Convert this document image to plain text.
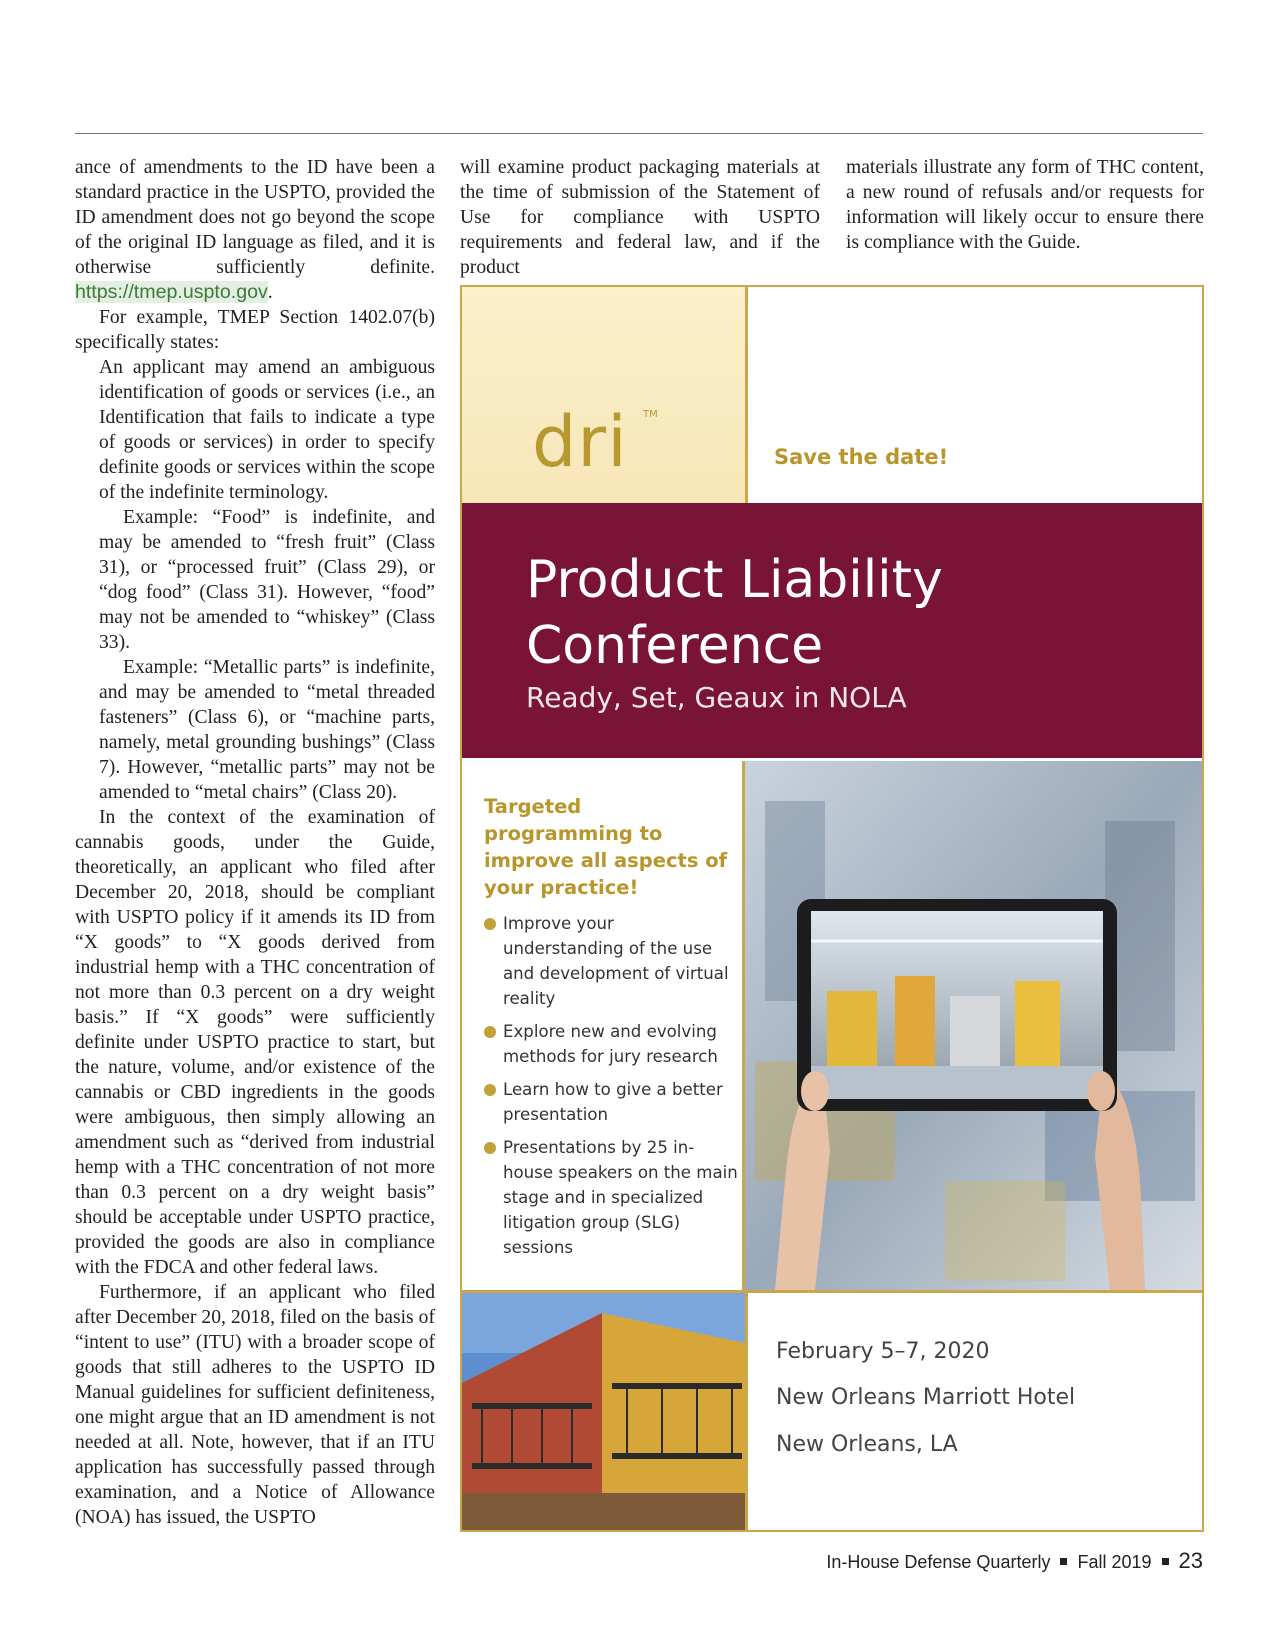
ance of amendments to the ID have been a standard practice in the USPTO, provided the ID amendment does not go beyond the scope of the original ID language as filed, and it is otherwise sufficiently definite. https://tmep.uspto.gov.

For example, TMEP Section 1402.07(b) specifically states:

An applicant may amend an ambiguous identification of goods or services (i.e., an Identification that fails to indicate a type of goods or services) in order to specify definite goods or services within the scope of the indefinite terminology.

Example: “Food” is indefinite, and may be amended to “fresh fruit” (Class 31), or “processed fruit” (Class 29), or “dog food” (Class 31). However, “food” may not be amended to “whiskey” (Class 33).

Example: “Metallic parts” is indefinite, and may be amended to “metal threaded fasteners” (Class 6), or “machine parts, namely, metal grounding bushings” (Class 7). However, “metallic parts” may not be amended to “metal chairs” (Class 20).

In the context of the examination of cannabis goods, under the Guide, theoretically, an applicant who filed after December 20, 2018, should be compliant with USPTO policy if it amends its ID from “X goods” to “X goods derived from industrial hemp with a THC concentration of not more than 0.3 percent on a dry weight basis.” If “X goods” were sufficiently definite under USPTO practice to start, but the nature, volume, and/or existence of the cannabis or CBD ingredients in the goods were ambiguous, then simply allowing an amendment such as “derived from industrial hemp with a THC concentration of not more than 0.3 percent on a dry weight basis” should be acceptable under USPTO practice, provided the goods are also in compliance with the FDCA and other federal laws.

Furthermore, if an applicant who filed after December 20, 2018, filed on the basis of “intent to use” (ITU) with a broader scope of goods that still adheres to the USPTO ID Manual guidelines for sufficient definiteness, one might argue that an ID amendment is not needed at all. Note, however, that if an ITU application has successfully passed through examination, and a Notice of Allowance (NOA) has issued, the USPTO

will examine product packaging materials at the time of submission of the Statement of Use for compliance with USPTO requirements and federal law, and if the product

materials illustrate any form of THC content, a new round of refusals and/or requests for information will likely occur to ensure there is compliance with the Guide.

dri TM
Save the date!
Product Liability
Conference
Ready, Set, Geaux in NOLA
Targeted programming to improve all aspects of your practice!
Improve your understanding of the use and development of virtual reality
Explore new and evolving methods for jury research
Learn how to give a better presentation
Presentations by 25 in-house speakers on the main stage and in specialized litigation group (SLG) sessions
February 5–7, 2020
New Orleans Marriott Hotel
New Orleans, LA
In-House Defense Quarterly Fall 2019 23
